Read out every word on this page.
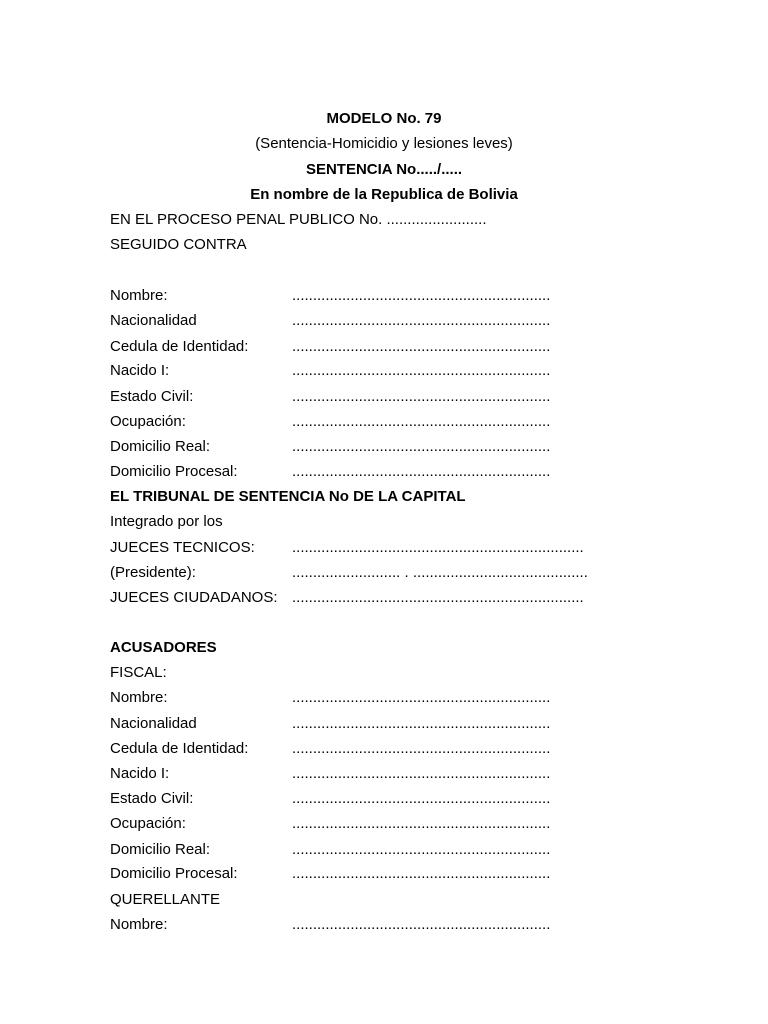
MODELO No. 79
(Sentencia-Homicidio y lesiones leves)
SENTENCIA No...../.....
En nombre de la Republica de Bolivia
EN EL PROCESO PENAL PUBLICO No. ........................
SEGUIDO CONTRA
Nombre:	..............................................................
Nacionalidad	..............................................................
Cedula de Identidad:	..............................................................
Nacido I:	..............................................................
Estado Civil:	..............................................................
Ocupación:	..............................................................
Domicilio Real:	..............................................................
Domicilio Procesal:	..............................................................
EL TRIBUNAL DE SENTENCIA No DE LA CAPITAL
Integrado por los
JUECES TECNICOS: ......................................................................
(Presidente):	.......................... . ..........................................
JUECES CIUDADANOS: ......................................................................
ACUSADORES
FISCAL:
Nombre:	..............................................................
Nacionalidad	..............................................................
Cedula de Identidad:	..............................................................
Nacido I:	..............................................................
Estado Civil:	..............................................................
Ocupación:	..............................................................
Domicilio Real:	..............................................................
Domicilio Procesal:	..............................................................
QUERELLANTE
Nombre:	..............................................................
